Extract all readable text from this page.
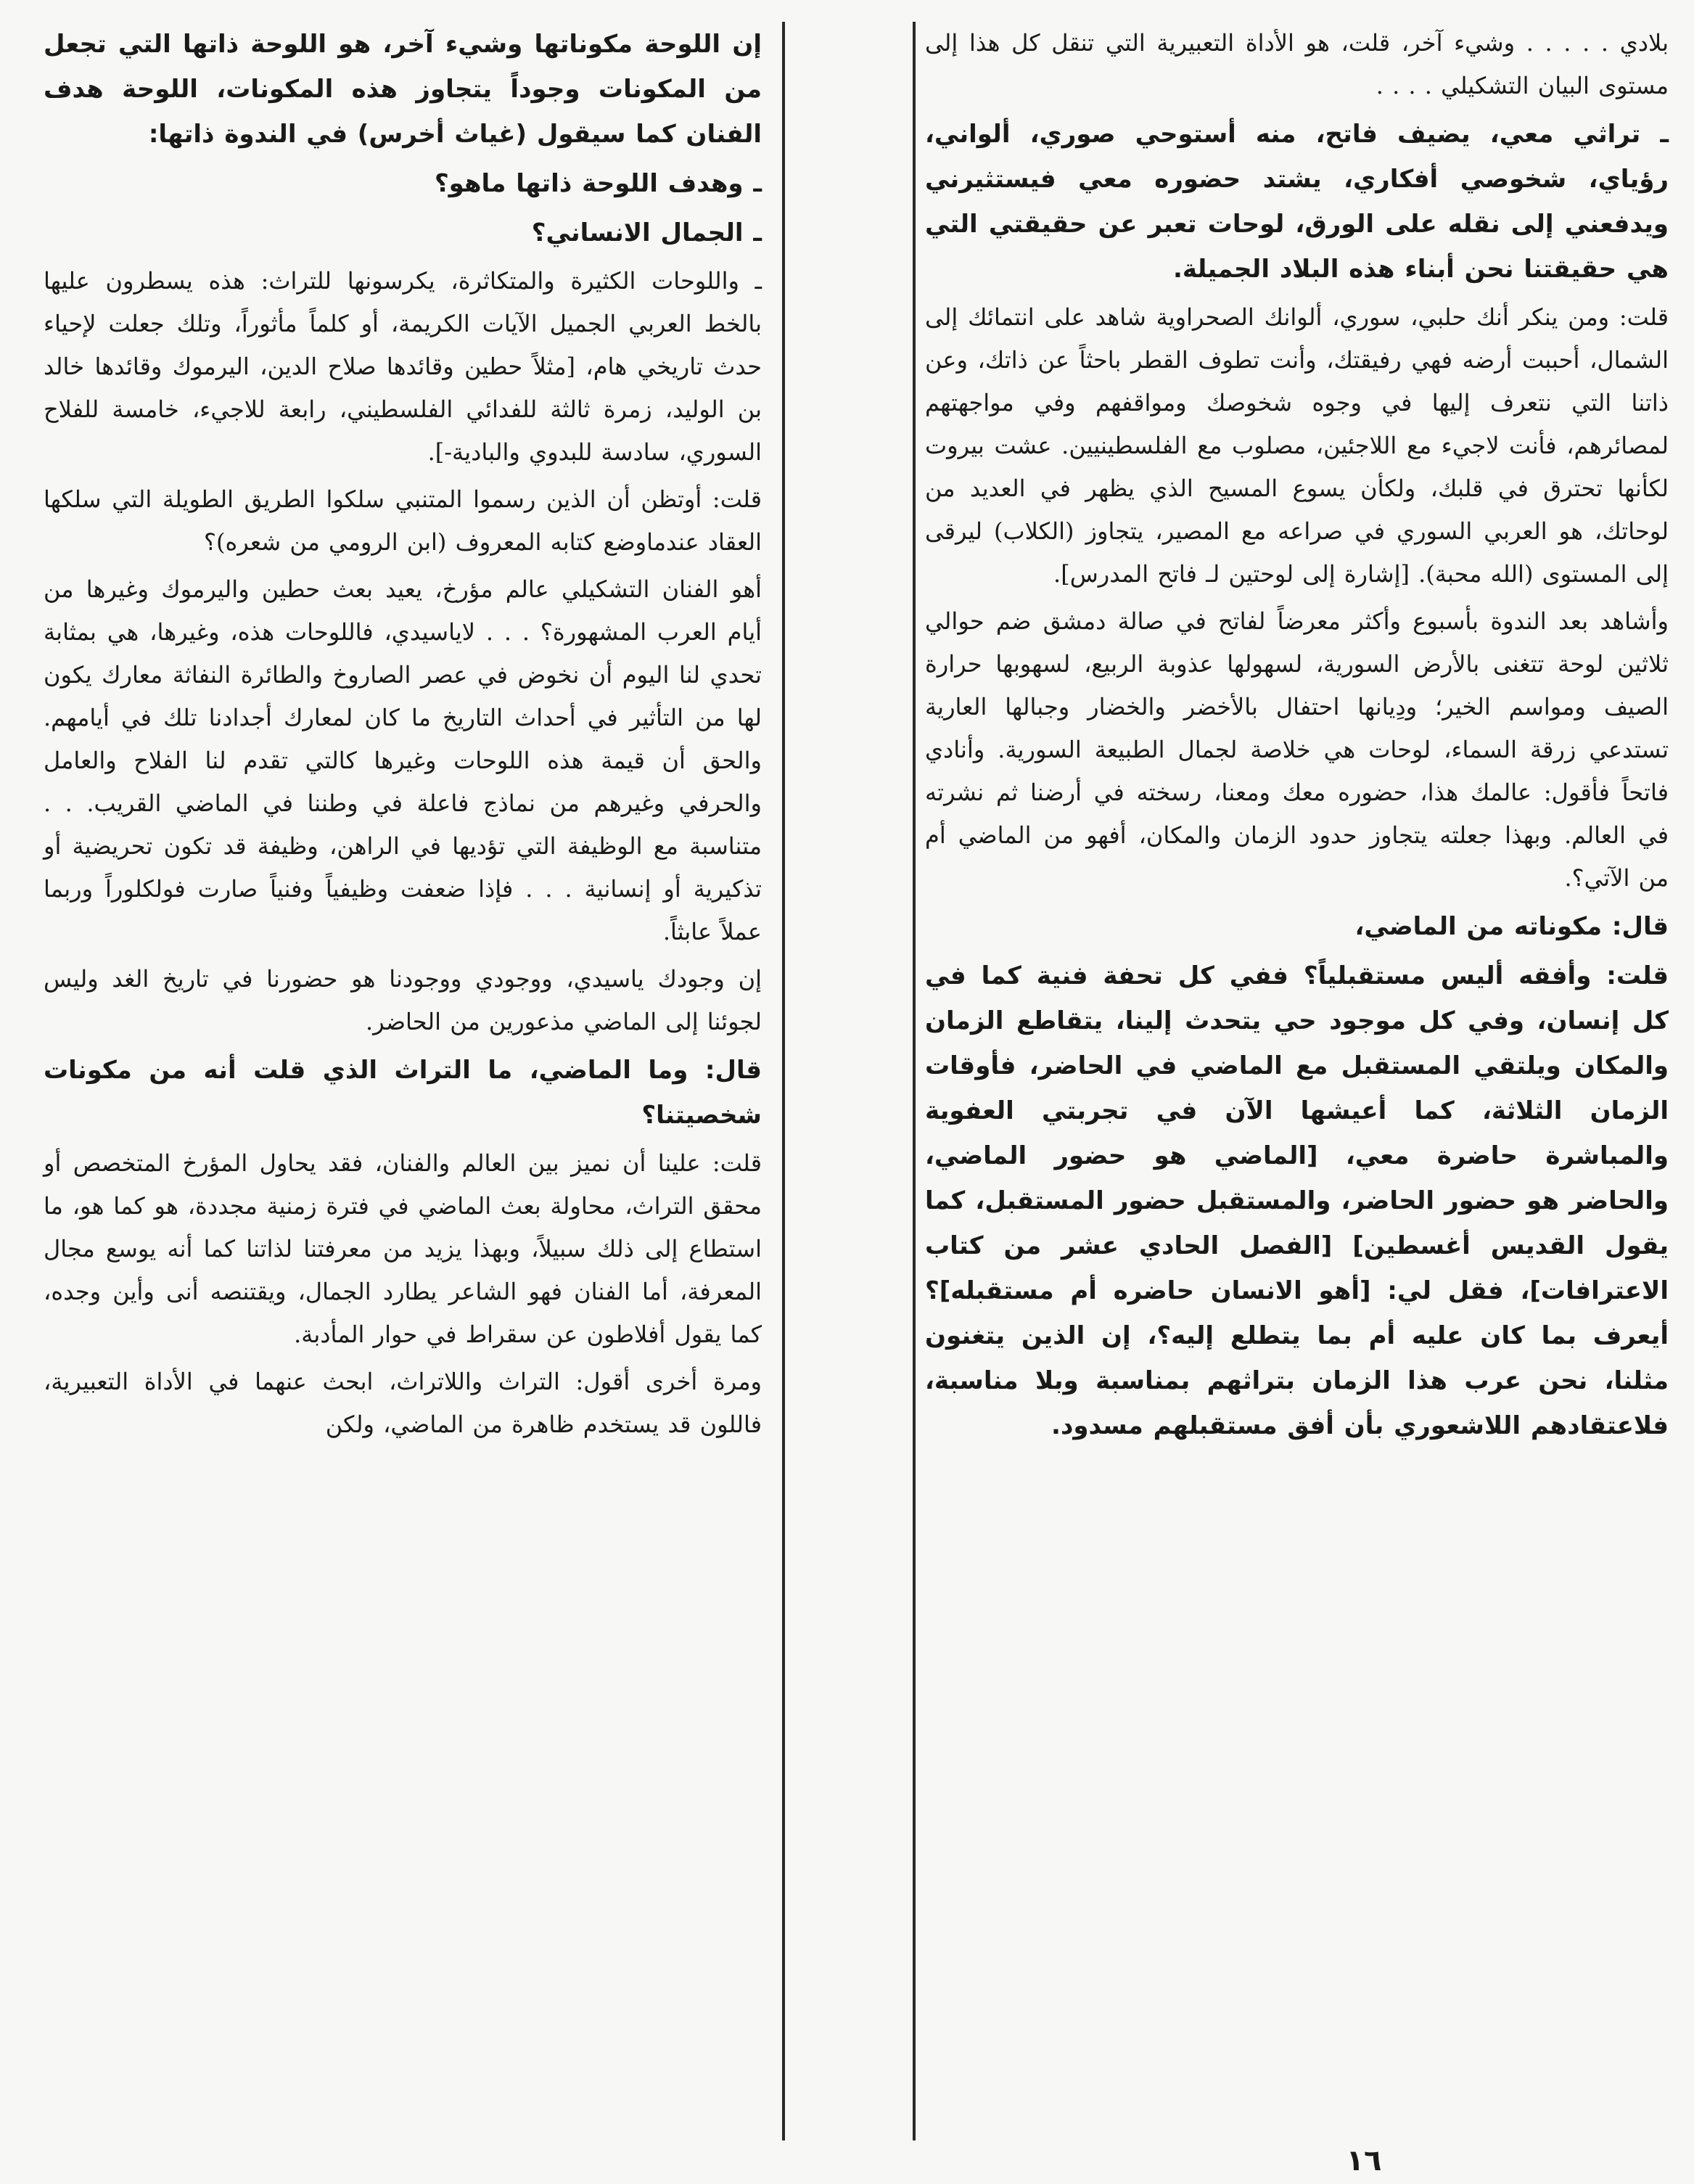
بلادي . . . . . وشيء آخر، قلت، هو الأداة التعبيرية التي تنقل كل هذا إلى مستوى البيان التشكيلي . . . .

ـ تراثي معي، يضيف فاتح، منه أستوحي صوري، ألواني، رؤياي، شخوصي أفكاري، يشتد حضوره معي فيستثيرني ويدفعني إلى نقله على الورق، لوحات تعبر عن حقيقتي التي هي حقيقتنا نحن أبناء هذه البلاد الجميلة.

قلت: ومن ينكر أنك حلبي، سوري، ألوانك الصحراوية شاهد على انتمائك إلى الشمال، أحببت أرضه فهي رفيقتك، وأنت تطوف القطر باحثاً عن ذاتك، وعن ذاتنا التي نتعرف إليها في وجوه شخوصك ومواقفهم وفي مواجهتهم لمصائرهم، فأنت لاجيء مع اللاجئين، مصلوب مع الفلسطينيين. عشت بيروت لكأنها تحترق في قلبك، ولكأن يسوع المسيح الذي يظهر في العديد من لوحاتك، هو العربي السوري في صراعه مع المصير، يتجاوز (الكلاب) ليرقى إلى المستوى (الله محبة). [إشارة إلى لوحتين لـ فاتح المدرس].

وأشاهد بعد الندوة بأسبوع وأكثر معرضاً لفاتح في صالة دمشق ضم حوالي ثلاثين لوحة تتغنى بالأرض السورية، لسهولها عذوبة الربيع، لسهوبها حرارة الصيف ومواسم الخير؛ ودِيانها احتفال بالأخضر والخضار وجبالها العارية تستدعي زرقة السماء، لوحات هي خلاصة لجمال الطبيعة السورية. وأنادي فاتحاً فأقول: عالمك هذا، حضوره معك ومعنا، رسخته في أرضنا ثم نشرته في العالم. وبهذا جعلته يتجاوز حدود الزمان والمكان، أفهو من الماضي أم من الآتي؟.

قال: مكوناته من الماضي،

قلت: وأفقه أليس مستقبلياً؟ ففي كل تحفة فنية كما في كل إنسان، وفي كل موجود حي يتحدث إلينا، يتقاطع الزمان والمكان ويلتقي المستقبل مع الماضي في الحاضر، فأوقات الزمان الثلاثة، كما أعيشها الآن في تجربتي العفوية والمباشرة حاضرة معي، [الماضي هو حضور الماضي، والحاضر هو حضور الحاضر، والمستقبل حضور المستقبل، كما يقول القديس أغسطين] [الفصل الحادي عشر من كتاب الاعترافات]، فقل لي: [أهو الانسان حاضره أم مستقبله]؟ أيعرف بما كان عليه أم بما يتطلع إليه؟، إن الذين يتغنون مثلنا، نحن عرب هذا الزمان بتراثهم بمناسبة وبلا مناسبة، فلاعتقادهم اللاشعوري بأن أفق مستقبلهم مسدود.

إن اللوحة مكوناتها وشيء آخر، هو اللوحة ذاتها التي تجعل من المكونات وجوداً يتجاوز هذه المكونات، اللوحة هدف الفنان كما سيقول (غياث أخرس) في الندوة ذاتها:

ـ وهدف اللوحة ذاتها ماهو؟

ـ الجمال الانساني؟

ـ واللوحات الكثيرة والمتكاثرة، يكرسونها للتراث: هذه يسطرون عليها بالخط العربي الجميل الآيات الكريمة، أو كلماً مأثوراً، وتلك جعلت لإحياء حدث تاريخي هام، [مثلاً حطين وقائدها صلاح الدين، اليرموك وقائدها خالد بن الوليد، زمرة ثالثة للفدائي الفلسطيني، رابعة للاجيء، خامسة للفلاح السوري، سادسة للبدوي والبادية-].

قلت: أوتظن أن الذين رسموا المتنبي سلكوا الطريق الطويلة التي سلكها العقاد عندماوضع كتابه المعروف (ابن الرومي من شعره)؟

أهو الفنان التشكيلي عالم مؤرخ، يعيد بعث حطين واليرموك وغيرها من أيام العرب المشهورة؟ . . . لاياسيدي، فاللوحات هذه، وغيرها، هي بمثابة تحدي لنا اليوم أن نخوض في عصر الصاروخ والطائرة النفاثة معارك يكون لها من التأثير في أحداث التاريخ ما كان لمعارك أجدادنا تلك في أيامهم. والحق أن قيمة هذه اللوحات وغيرها كالتي تقدم لنا الفلاح والعامل والحرفي وغيرهم من نماذج فاعلة في وطننا في الماضي القريب. . . متناسبة مع الوظيفة التي تؤديها في الراهن، وظيفة قد تكون تحريضية أو تذكيرية أو إنسانية . . . فإذا ضعفت وظيفياً وفنياً صارت فولكلوراً وربما عملاً عابثاً.

إن وجودك ياسيدي، ووجودي ووجودنا هو حضورنا في تاريخ الغد وليس لجوئنا إلى الماضي مذعورين من الحاضر.

قال: وما الماضي، ما التراث الذي قلت أنه من مكونات شخصيتنا؟

قلت: علينا أن نميز بين العالم والفنان، فقد يحاول المؤرخ المتخصص أو محقق التراث، محاولة بعث الماضي في فترة زمنية مجددة، هو كما هو، ما استطاع إلى ذلك سبيلاً، وبهذا يزيد من معرفتنا لذاتنا كما أنه يوسع مجال المعرفة، أما الفنان فهو الشاعر يطارد الجمال، ويقتنصه أنى وأين وجده، كما يقول أفلاطون عن سقراط في حوار المأدبة.

ومرة أخرى أقول: التراث واللاتراث، ابحث عنهما في الأداة التعبيرية، فاللون قد يستخدم ظاهرة من الماضي، ولكن

١٦
